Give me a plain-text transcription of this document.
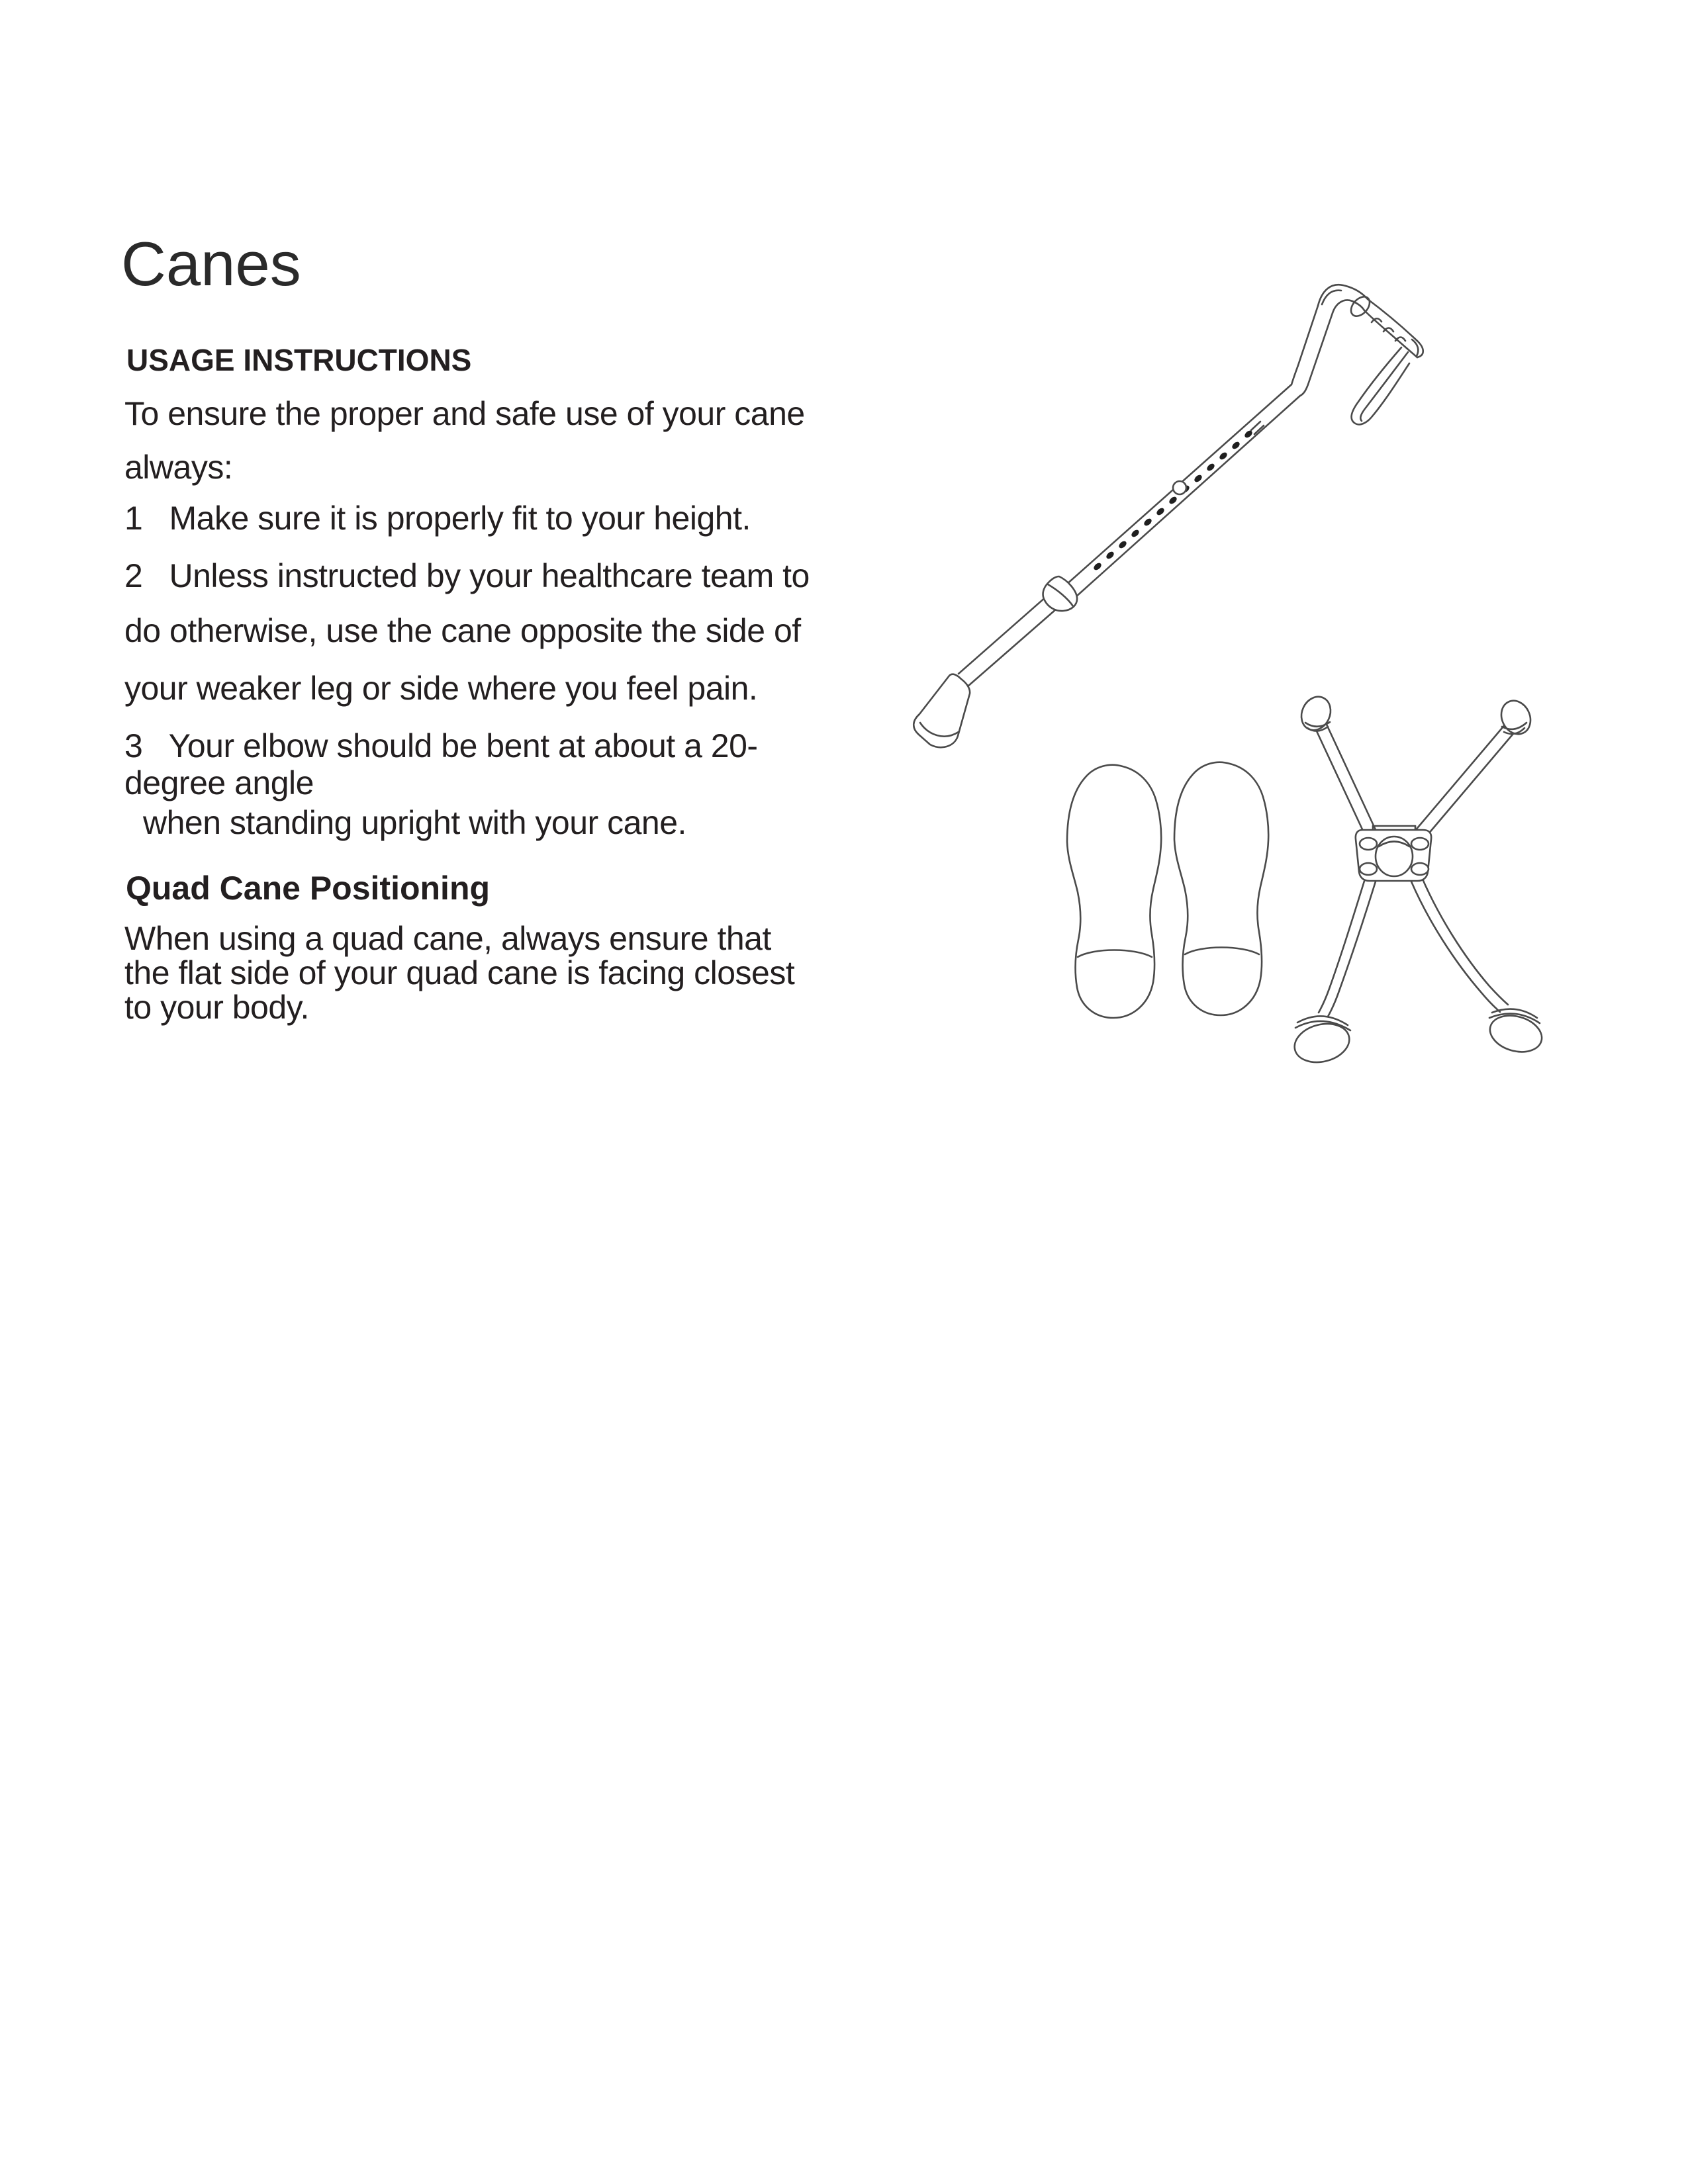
Canes
USAGE INSTRUCTIONS
To ensure the proper and safe use of your cane
always:
1   Make sure it is properly fit to your height.
2   Unless instructed by your healthcare team to
do otherwise, use the cane opposite the side of
your weaker leg or side where you feel pain.
3   Your elbow should be bent at about a 20-
degree angle
when standing upright with your cane.
Quad Cane Positioning
When using a quad cane, always ensure that
the flat side of your quad cane is facing closest
to your body.
